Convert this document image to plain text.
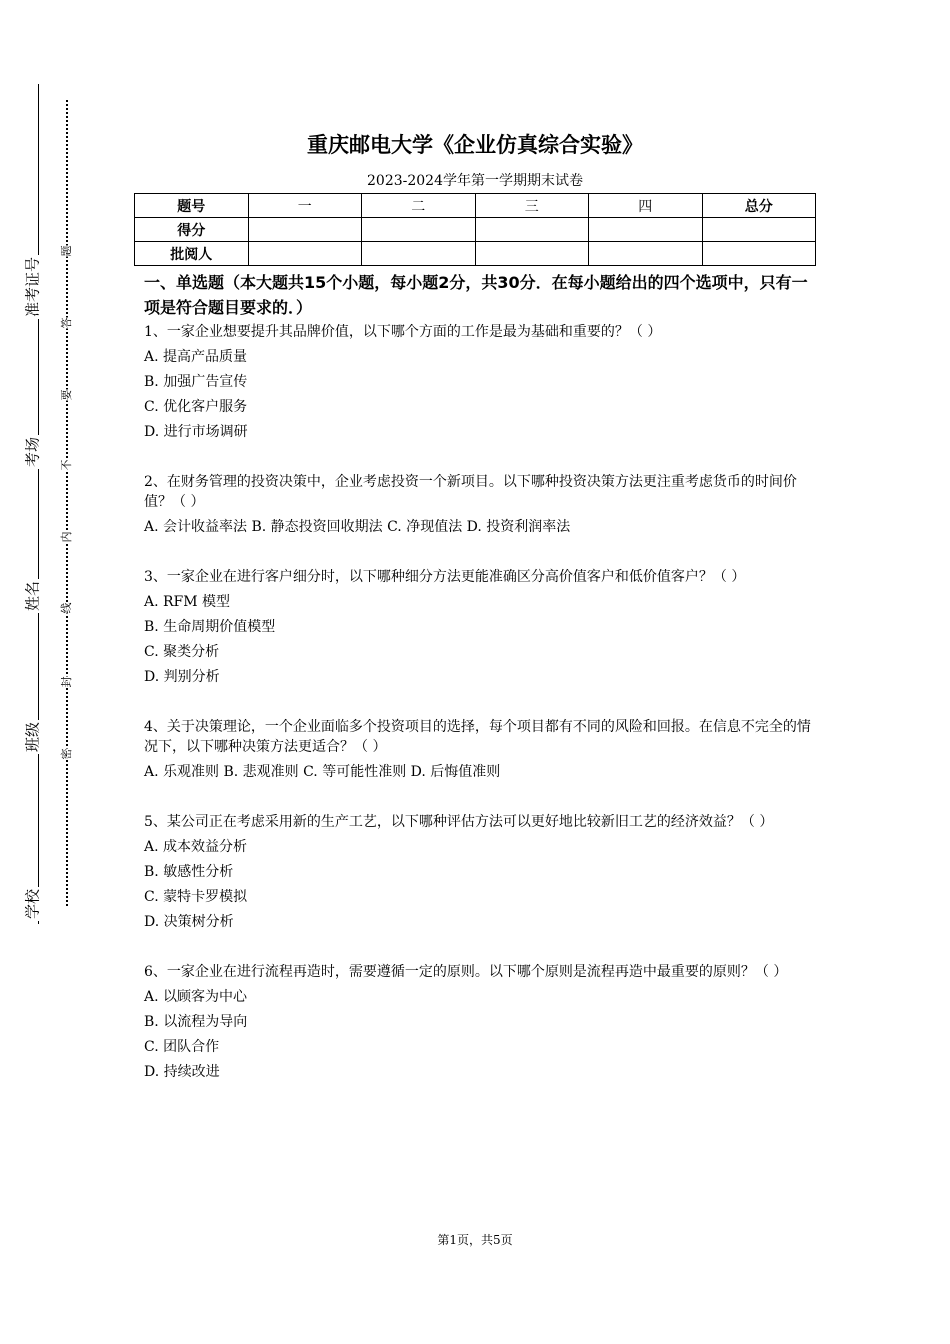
准考证号
考场
姓名
班级
学校
题
答
要
不
内
线
封
密
重庆邮电大学《企业仿真综合实验》
2023-2024学年第一学期期末试卷
题号	一	二	三	四	总分
得分					
批阅人					
一、单选题（本大题共15个小题，每小题2分，共30分．在每小题给出的四个选项中，只有一项是符合题目要求的．）
1、一家企业想要提升其品牌价值，以下哪个方面的工作是最为基础和重要的？（ ）
A. 提高产品质量
B. 加强广告宣传
C. 优化客户服务
D. 进行市场调研
2、在财务管理的投资决策中，企业考虑投资一个新项目。以下哪种投资决策方法更注重考虑货币的时间价值？（ ）
A. 会计收益率法 B. 静态投资回收期法 C. 净现值法 D. 投资利润率法
3、一家企业在进行客户细分时，以下哪种细分方法更能准确区分高价值客户和低价值客户？（ ）
A. RFM 模型
B. 生命周期价值模型
C. 聚类分析
D. 判别分析
4、关于决策理论，一个企业面临多个投资项目的选择，每个项目都有不同的风险和回报。在信息不完全的情况下，以下哪种决策方法更适合？（ ）
A. 乐观准则 B. 悲观准则 C. 等可能性准则 D. 后悔值准则
5、某公司正在考虑采用新的生产工艺，以下哪种评估方法可以更好地比较新旧工艺的经济效益？（ ）
A. 成本效益分析
B. 敏感性分析
C. 蒙特卡罗模拟
D. 决策树分析
6、一家企业在进行流程再造时，需要遵循一定的原则。以下哪个原则是流程再造中最重要的原则？（ ）
A. 以顾客为中心
B. 以流程为导向
C. 团队合作
D. 持续改进
第1页，共5页
